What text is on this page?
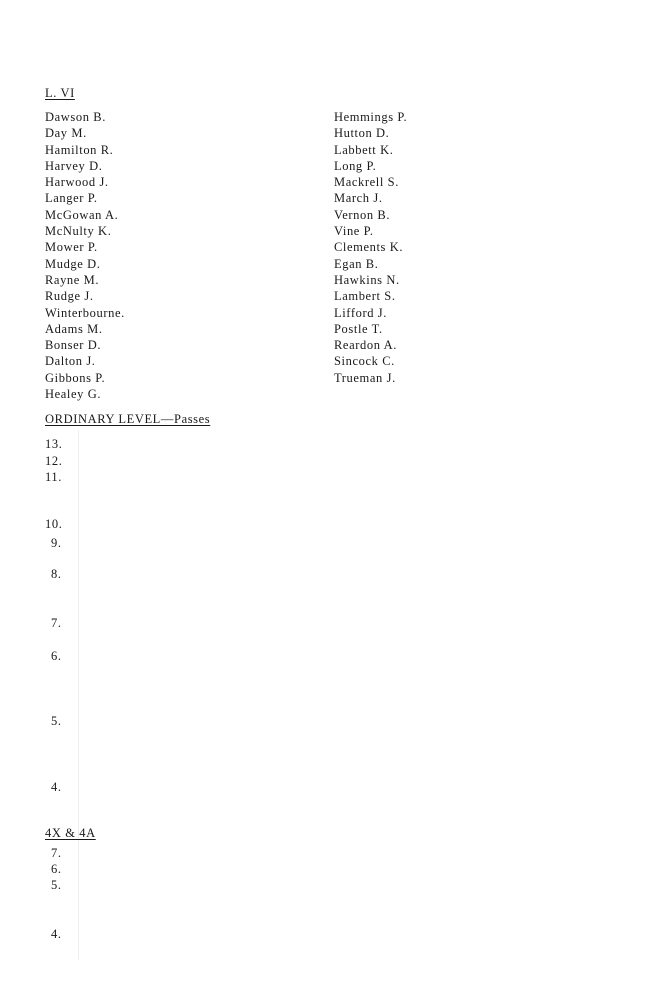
L. VI
Dawson B.
Day M.
Hamilton R.
Harvey D.
Harwood J.
Langer P.
McGowan A.
McNulty K.
Mower P.
Mudge D.
Rayne M.
Rudge J.
Winterbourne.
Adams M.
Bonser D.
Dalton J.
Gibbons P.
Healey G.
Hemmings P.
Hutton D.
Labbett K.
Long P.
Mackrell S.
March J.
Vernon B.
Vine P.
Clements K.
Egan B.
Hawkins N.
Lambert S.
Lifford J.
Postle T.
Reardon A.
Sincock C.
Trueman J.
ORDINARY LEVEL—Passes
13.
12.
11.
10.
9.
8.
7.
6.
5.
4.
4X & 4A
7.
6.
5.
4.
